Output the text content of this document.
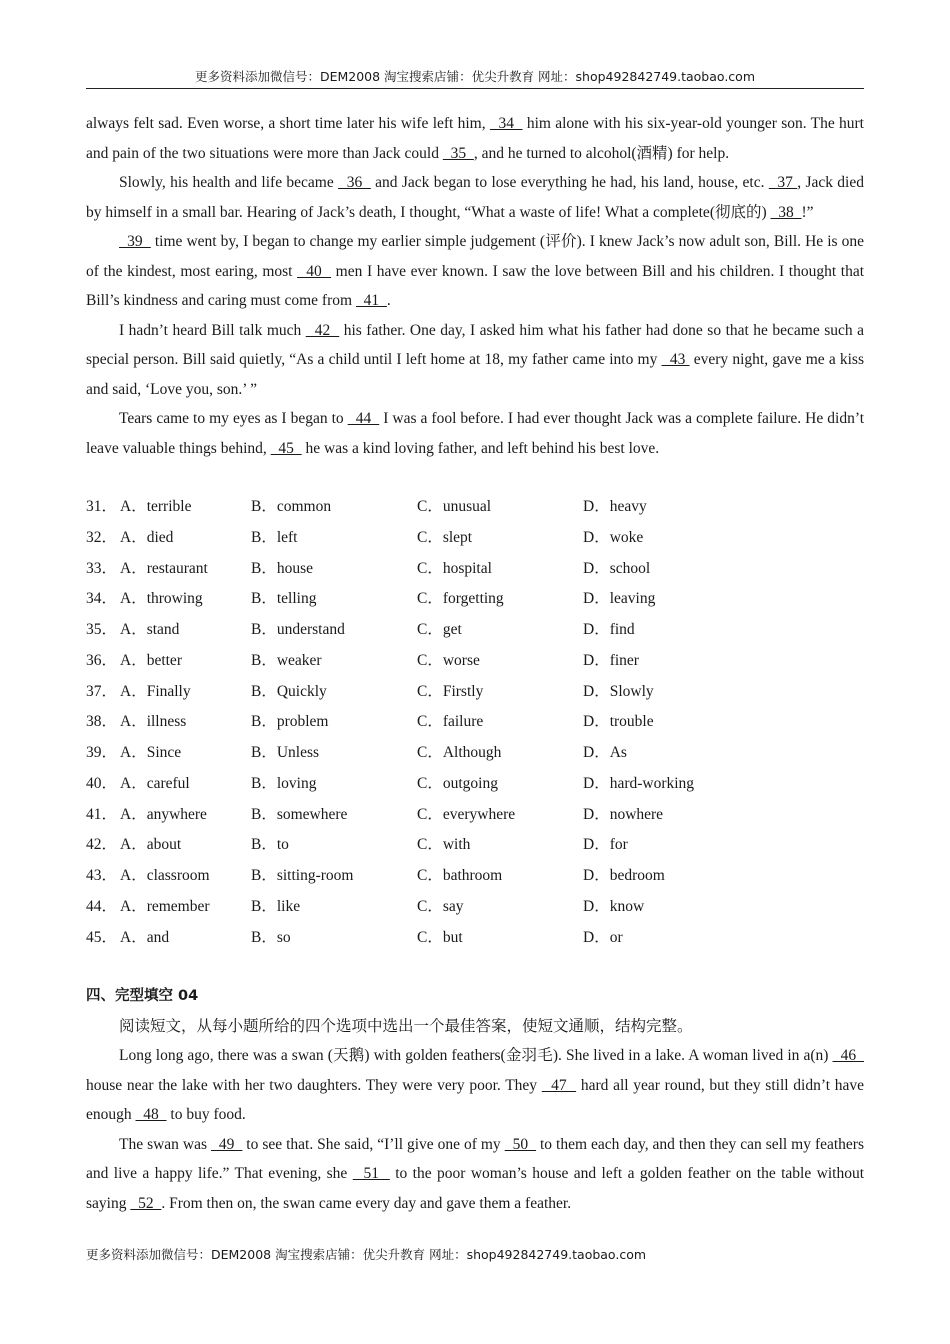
更多资料添加微信号：DEM2008 淘宝搜索店铺：优尖升教育 网址：shop492842749.taobao.com

always felt sad. Even worse, a short time later his wife left him,   34   him alone with his six-year-old younger son. The hurt and pain of the two situations were more than Jack could   35  , and he turned to alcohol(酒精) for help.

Slowly, his health and life became   36   and Jack began to lose everything he had, his land, house, etc.   37 , Jack died by himself in a small bar. Hearing of Jack’s death, I thought, “What a waste of life! What a complete(彻底的)   38  !”

39   time went by, I began to change my earlier simple judgement (评价). I knew Jack’s now adult son, Bill. He is one of the kindest, most earing, most   40   men I have ever known. I saw the love between Bill and his children. I thought that Bill’s kindness and caring must come from   41  .

I hadn’t heard Bill talk much   42   his father. One day, I asked him what his father had done so that he became such a special person. Bill said quietly, “As a child until I left home at 18, my father came into my   43  every night, gave me a kiss and said, ‘Love you, son.’ ”

Tears came to my eyes as I began to   44   I was a fool before. I had ever thought Jack was a complete failure. He didn’t leave valuable things behind,   45   he was a kind loving father, and left behind his best love.

31． A．terrible	B．common	C．unusual	D．heavy
32． A．died	B．left	C．slept	D．woke
33． A．restaurant	B．house	C．hospital	D．school
34． A．throwing	B．telling	C．forgetting	D．leaving
35． A．stand	B．understand	C．get	D．find
36． A．better	B．weaker	C．worse	D．finer
37． A．Finally	B．Quickly	C．Firstly	D．Slowly
38． A．illness	B．problem	C．failure	D．trouble
39． A．Since	B．Unless	C．Although	D．As
40． A．careful	B．loving	C．outgoing	D．hard-working
41． A．anywhere	B．somewhere	C．everywhere	D．nowhere
42． A．about	B．to	C．with	D．for
43． A．classroom	B．sitting-room	C．bathroom	D．bedroom
44． A．remember	B．like	C．say	D．know
45． A．and	B．so	C．but	D．or
四、完型填空 04

阅读短文，从每小题所给的四个选项中选出一个最佳答案，使短文通顺，结构完整。

Long long ago, there was a swan (天鹅) with golden feathers(金羽毛). She lived in a lake. A woman lived in a(n)   46   house near the lake with her two daughters. They were very poor. They   47   hard all year round, but they still didn’t have enough   48   to buy food.

The swan was   49   to see that. She said, “I’ll give one of my   50   to them each day, and then they can sell my feathers and live a happy life.” That evening, she   51   to the poor woman’s house and left a golden feather on the table without saying   52  . From then on, the swan came every day and gave them a feather.

更多资料添加微信号：DEM2008 淘宝搜索店铺：优尖升教育 网址：shop492842749.taobao.com
